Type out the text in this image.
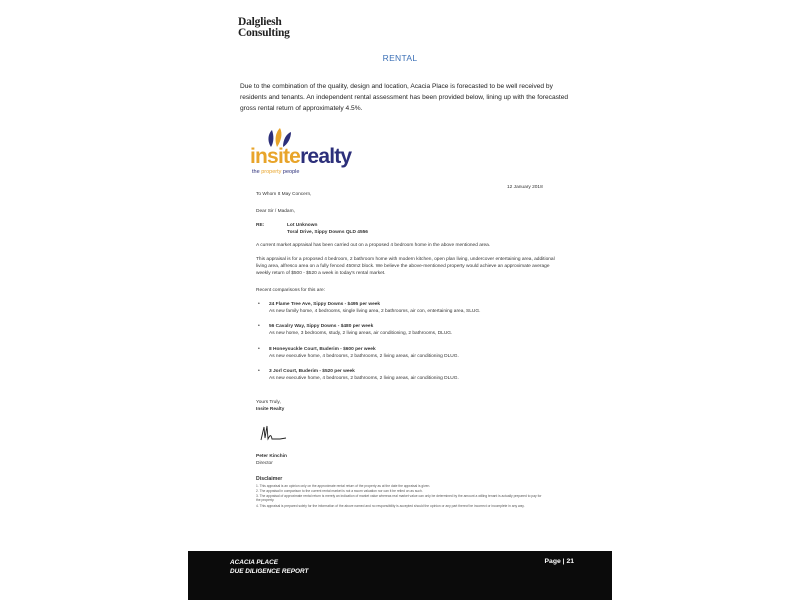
Dalgliesh
Consulting
RENTAL
Due to the combination of the quality, design and location, Acacia Place is forecasted to be well received by residents and tenants. An independent rental assessment has been provided below, lining up with the forecasted gross rental return of approximately 4.5%.
insiterealty
the property people
12 January 2018
To Whom It May Concern,
Dear Sir / Madam,
RE:	Lot Unknown
Toral Drive, Sippy Downs QLD 4556
A current market appraisal has been carried out on a proposed 4 bedroom home in the above mentioned area.
This appraisal is for a proposed 4 bedroom, 2 bathroom home with modern kitchen, open plan living, undercover entertaining area, additional living area, alfresco area on a fully fenced 450m2 block. We believe the above-mentioned property would achieve an approximate average weekly return of $500 - $520 a week in today's rental market.
Recent comparisons for this are:
• 24 Flame Tree Ave, Sippy Downs - $495 per week
As new family home, 4 bedrooms, single living area, 2 bathrooms, air con, entertaining area, SLUG.
• 56 Cavalry Way, Sippy Downs - $480 per week
As new home, 3 bedrooms, study, 2 living areas, air conditioning, 2 bathrooms, DLUG.
• 8 Honeysuckle Court, Buderim - $600 per week
As new executive home, 4 bedrooms, 2 bathrooms, 2 living areas, air conditioning DLUG.
• 3 Jorl Court, Buderim - $520 per week
As new executive home, 4 bedrooms, 2 bathrooms, 2 living areas, air conditioning DLUG.
Yours Truly,
Insite Realty
Peter Kinchin
Director
Disclaimer
1. This appraisal is an opinion only on the approximate rental return of the property as at the date the appraisal is given.
2. The appraisal in comparison to the current rental market is not a sworn valuation nor can it be relied on as such.
3. The appraisal of approximate rental return is merely an indication of market value whereas real market value can only be determined by the amount a willing tenant is actually prepared to pay for the property.
4. This appraisal is prepared solely for the information of the above named and no responsibility is accepted should the opinion or any part thereof be incorrect or incomplete in any way.
ACACIA PLACE
DUE DILIGENCE REPORT
Page | 21
